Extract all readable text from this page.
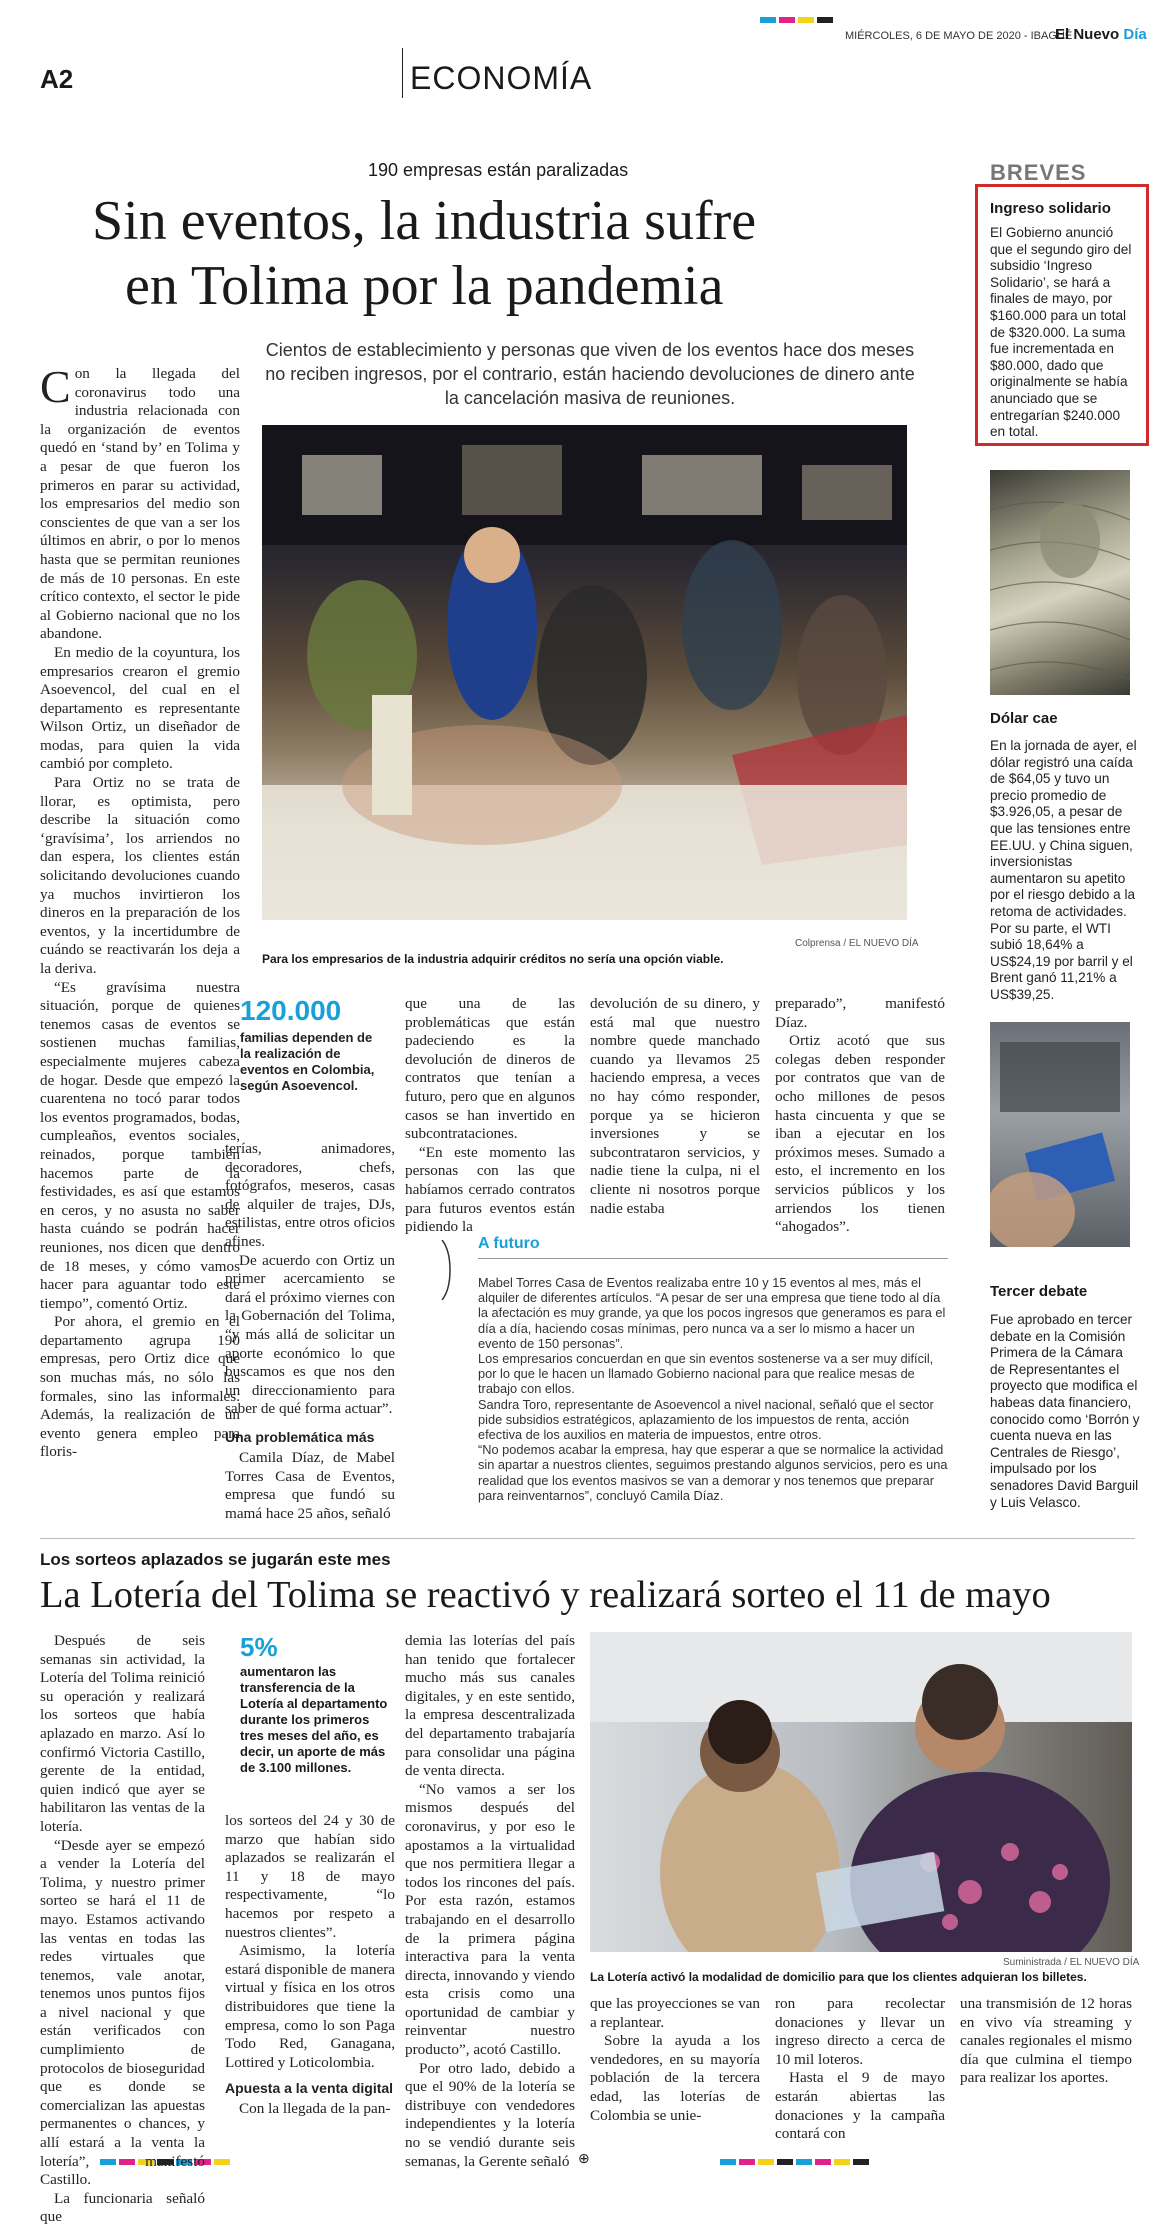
⊕
MIÉRCOLES, 6 DE MAYO DE 2020 - IBAGUÉ
El Nuevo Día
A2	ECONOMÍA
190 empresas están paralizadas
Sin eventos, la industria sufre
en Tolima por la pandemia
Cientos de establecimiento y personas que viven de los eventos hace dos meses
no reciben ingresos, por el contrario, están haciendo devoluciones de dinero ante
la cancelación masiva de reuniones.
Colprensa / EL NUEVO DÍA
Para los empresarios de la industria adquirir créditos no sería una opción viable.

Con la llegada del coronavirus todo una industria relacionada con la organización de eventos quedó en ‘stand by’ en Tolima y a pesar de que fueron los primeros en parar su actividad, los empresarios del medio son conscientes de que van a ser los últimos en abrir, o por lo menos hasta que se permitan reuniones de más de 10 personas. En este crítico contexto, el sector le pide al Gobierno nacional que no los abandone.

En medio de la coyuntura, los empresarios crearon el gremio Asoevencol, del cual en el departamento es representante Wilson Ortiz, un diseñador de modas, para quien la vida cambió por completo.

Para Ortiz no se trata de llorar, es optimista, pero describe la situación como ‘gravísima’, los arriendos no dan espera, los clientes están solicitando devoluciones cuando ya muchos invirtieron los dineros en la preparación de los eventos, y la incertidumbre de cuándo se reactivarán los deja a la deriva.

“Es gravísima nuestra situación, porque de quienes tenemos casas de eventos se sostienen muchas familias, especialmente mujeres cabeza de hogar. Desde que empezó la cuarentena no tocó parar todos los eventos programados, bodas, cumpleaños, eventos sociales, reinados, porque también hacemos parte de la festividades, es así que estamos en ceros, y no asusta no saber hasta cuándo se podrán hacer reuniones, nos dicen que dentro de 18 meses, y cómo vamos hacer para aguantar todo este tiempo”, comentó Ortiz.

Por ahora, el gremio en el departamento agrupa 190 empresas, pero Ortiz dice que son muchas más, no sólo las formales, sino las informales. Además, la realización de un evento genera empleo para floris-

120.000
familias dependen de la realización de eventos en Colombia, según Asoevencol.

terías, animadores, decoradores, chefs, fotógrafos, meseros, casas de alquiler de trajes, DJs, estilistas, entre otros oficios afines.

De acuerdo con Ortiz un primer acercamiento se dará el próximo viernes con la Gobernación del Tolima, “y más allá de solicitar un aporte económico lo que buscamos es que nos den un direccionamiento para saber de qué forma actuar”.

Una problemática más

Camila Díaz, de Mabel Torres Casa de Eventos, empresa que fundó su mamá hace 25 años, señaló

que una de las problemáticas que están padeciendo es la devolución de dineros de contratos que tenían a futuro, pero que en algunos casos se han invertido en subcontrataciones.

“En este momento las personas con las que habíamos cerrado contratos para futuros eventos están pidiendo la

devolución de su dinero, y está mal que nuestro nombre quede manchado cuando ya llevamos 25 haciendo empresa, a veces no hay cómo responder, porque ya se hicieron inversiones y se subcontrataron servicios, y nadie tiene la culpa, ni el cliente ni nosotros porque nadie estaba

preparado”, manifestó Díaz.

Ortiz acotó que sus colegas deben responder por contratos que van de ocho millones de pesos hasta cincuenta y que se iban a ejecutar en los próximos meses. Sumado a esto, el incremento en los servicios públicos y los arriendos los tienen “ahogados”.

A futuro
Mabel Torres Casa de Eventos realizaba entre 10 y 15 eventos al mes, más el alquiler de diferentes artículos. “A pesar de ser una empresa que tiene todo al día la afectación es muy grande, ya que los pocos ingresos que generamos es para el día a día, haciendo cosas mínimas, pero nunca va a ser lo mismo a hacer un evento de 150 personas”.
Los empresarios concuerdan en que sin eventos sostenerse va a ser muy difícil, por lo que le hacen un llamado Gobierno nacional para que realice mesas de trabajo con ellos.
Sandra Toro, representante de Asoevencol a nivel nacional, señaló que el sector pide subsidios estratégicos, aplazamiento de los impuestos de renta, acción efectiva de los auxilios en materia de impuestos, entre otros.
“No podemos acabar la empresa, hay que esperar a que se normalice la actividad sin apartar a nuestros clientes, seguimos prestando algunos servicios, pero es una realidad que los eventos masivos se van a demorar y nos tenemos que preparar para reinventarnos”, concluyó Camila Díaz.
BREVES
Ingreso solidario
El Gobierno anunció que el segundo giro del subsidio ‘Ingreso Solidario’, se hará a finales de mayo, por $160.000 para un total de $320.000. La suma fue incrementada en $80.000, dado que originalmente se había anunciado que se entregarían $240.000 en total.
Dólar cae
En la jornada de ayer, el dólar registró una caída de $64,05 y tuvo un precio promedio de $3.926,05, a pesar de que las tensiones entre EE.UU. y China siguen, inversionistas aumentaron su apetito por el riesgo debido a la retoma de actividades. Por su parte, el WTI subió 18,64% a US$24,19 por barril y el Brent ganó 11,21% a US$39,25.
Tercer debate
Fue aprobado en tercer debate en la Comisión Primera de la Cámara de Representantes el proyecto que modifica el habeas data financiero, conocido como ‘Borrón y cuenta nueva en las Centrales de Riesgo’, impulsado por los senadores David Barguil y Luis Velasco.
Los sorteos aplazados se jugarán este mes
La Lotería del Tolima se reactivó y realizará sorteo el 11 de mayo

Después de seis semanas sin actividad, la Lotería del Tolima reinició su operación y realizará los sorteos que había aplazado en marzo. Así lo confirmó Victoria Castillo, gerente de la entidad, quien indicó que ayer se habilitaron las ventas de la lotería.

“Desde ayer se empezó a vender la Lotería del Tolima, y nuestro primer sorteo se hará el 11 de mayo. Estamos activando las ventas en todas las redes virtuales que tenemos, vale anotar, tenemos unos puntos fijos a nivel nacional y que están verificados con cumplimiento de protocolos de bioseguridad que es donde se comercializan las apuestas permanentes o chances, y allí estará a la venta la lotería”, manifestó Castillo.

La funcionaria señaló que

5%
aumentaron las transferencia de la Lotería al departamento durante los primeros tres meses del año, es decir, un aporte de más de 3.100 millones.

los sorteos del 24 y 30 de marzo que habían sido aplazados se realizarán el 11 y 18 de mayo respectivamente, “lo hacemos por respeto a nuestros clientes”.

Asimismo, la lotería estará disponible de manera virtual y física en los otros distribuidores que tiene la empresa, como lo son Paga Todo Red, Ganagana, Lottired y Loticolombia.

Apuesta a la venta digital

Con la llegada de la pan-

demia las loterías del país han tenido que fortalecer mucho más sus canales digitales, y en este sentido, la empresa descentralizada del departamento trabajaría para consolidar una página de venta directa.

“No vamos a ser los mismos después del coronavirus, y por eso le apostamos a la virtualidad que nos permitiera llegar a todos los rincones del país. Por esta razón, estamos trabajando en el desarrollo de la primera página interactiva para la venta directa, innovando y viendo esta crisis como una oportunidad de cambiar y reinventar nuestro producto”, acotó Castillo.

Por otro lado, debido a que el 90% de la lotería se distribuye con vendedores independientes y la lotería no se vendió durante seis semanas, la Gerente señaló

Suministrada / EL NUEVO DÍA
La Lotería activó la modalidad de domicilio para que los clientes adquieran los billetes.

que las proyecciones se van a replantear.

Sobre la ayuda a los vendedores, en su mayoría población de la tercera edad, las loterías de Colombia se unie-

ron para recolectar donaciones y llevar un ingreso directo a cerca de 10 mil loteros.

Hasta el 9 de mayo estarán abiertas las donaciones y la campaña contará con

una transmisión de 12 horas en vivo vía streaming y canales regionales el mismo día que culmina el tiempo para realizar los aportes.
